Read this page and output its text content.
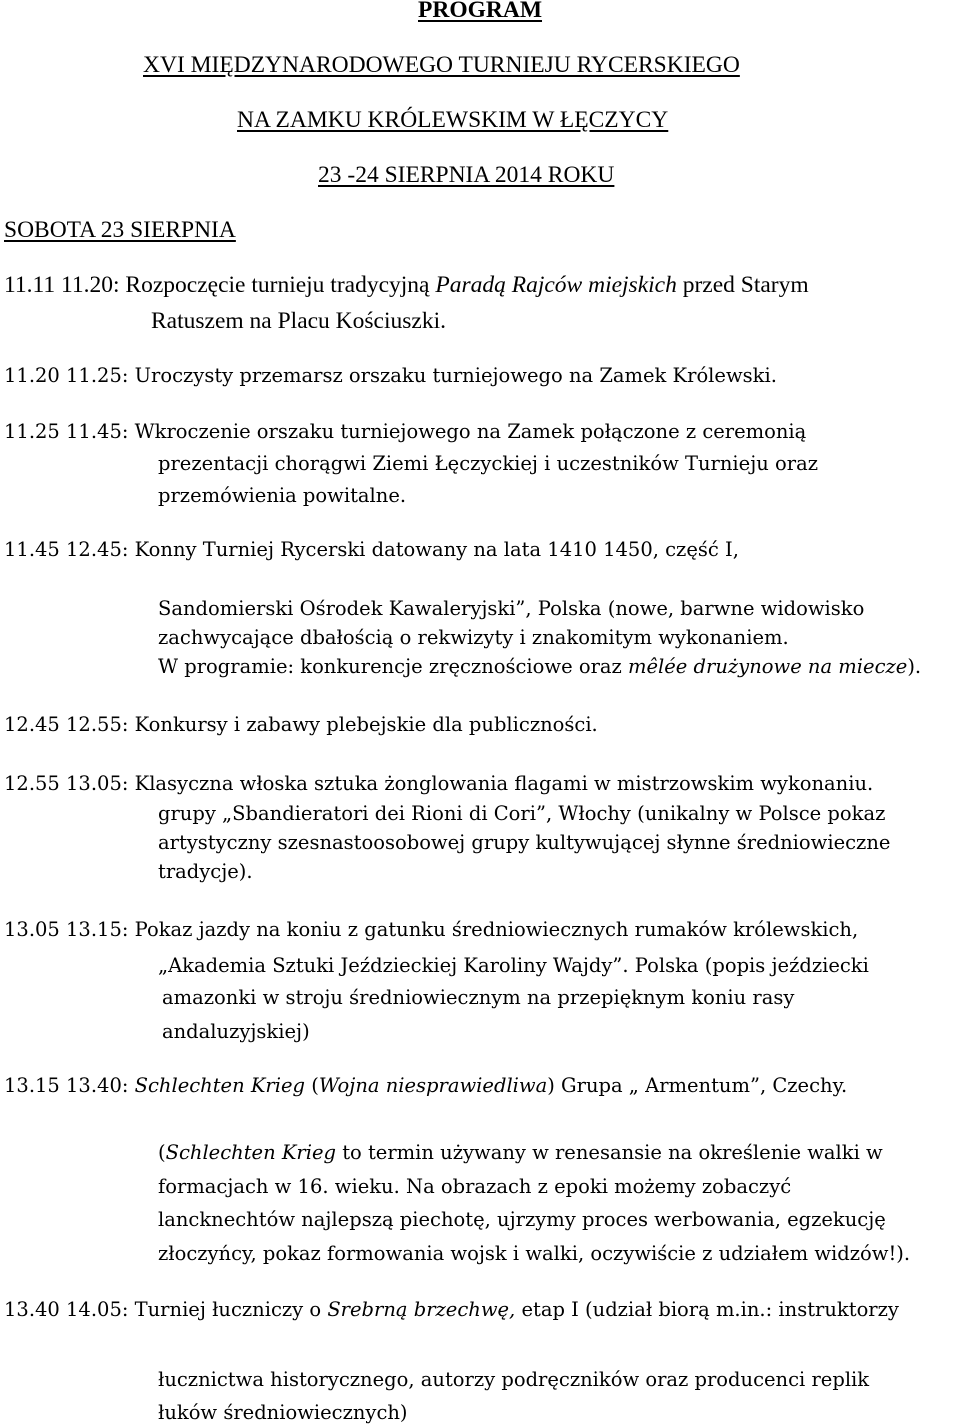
PROGRAM
XVI MIĘDZYNARODOWEGO TURNIEJU RYCERSKIEGO
NA ZAMKU KRÓLEWSKIM W ŁĘCZYCY
23 -24 SIERPNIA 2014 ROKU
SOBOTA 23 SIERPNIA
11.11 11.20: Rozpoczęcie turnieju tradycyjną Paradą Rajców miejskich przed Starym
Ratuszem na Placu Kościuszki.
11.20 11.25: Uroczysty przemarsz orszaku turniejowego na Zamek Królewski.
11.25 11.45: Wkroczenie orszaku turniejowego na Zamek połączone z ceremonią
prezentacji chorągwi Ziemi Łęczyckiej i uczestników Turnieju oraz
przemówienia powitalne.
11.45 12.45: Konny Turniej Rycerski datowany na lata 1410 1450, część I,
Sandomierski Ośrodek Kawaleryjski”, Polska (nowe, barwne widowisko
zachwycające dbałością o rekwizyty i znakomitym wykonaniem.
W programie: konkurencje zręcznościowe oraz mêlée drużynowe na miecze).
12.45 12.55: Konkursy i zabawy plebejskie dla publiczności.
12.55 13.05: Klasyczna włoska sztuka żonglowania flagami w mistrzowskim wykonaniu.
grupy „Sbandieratori dei Rioni di Cori”, Włochy (unikalny w Polsce pokaz
artystyczny szesnastoosobowej grupy kultywującej słynne średniowieczne
tradycje).
13.05 13.15: Pokaz jazdy na koniu z gatunku średniowiecznych rumaków królewskich,
„Akademia Sztuki Jeździeckiej Karoliny Wajdy”. Polska (popis jeździecki
amazonki w stroju średniowiecznym na przepięknym koniu rasy
andaluzyjskiej)
13.15 13.40: Schlechten Krieg (Wojna niesprawiedliwa) Grupa „ Armentum”, Czechy.
(Schlechten Krieg to termin używany w renesansie na określenie walki w
formacjach w 16. wieku. Na obrazach z epoki możemy zobaczyć
lancknechtów najlepszą piechotę, ujrzymy proces werbowania, egzekucję
złoczyńcy, pokaz formowania wojsk i walki, oczywiście z udziałem widzów!).
13.40 14.05: Turniej łuczniczy o Srebrną brzechwę, etap I (udział biorą m.in.: instruktorzy
łucznictwa historycznego, autorzy podręczników oraz producenci replik
łuków średniowiecznych)
